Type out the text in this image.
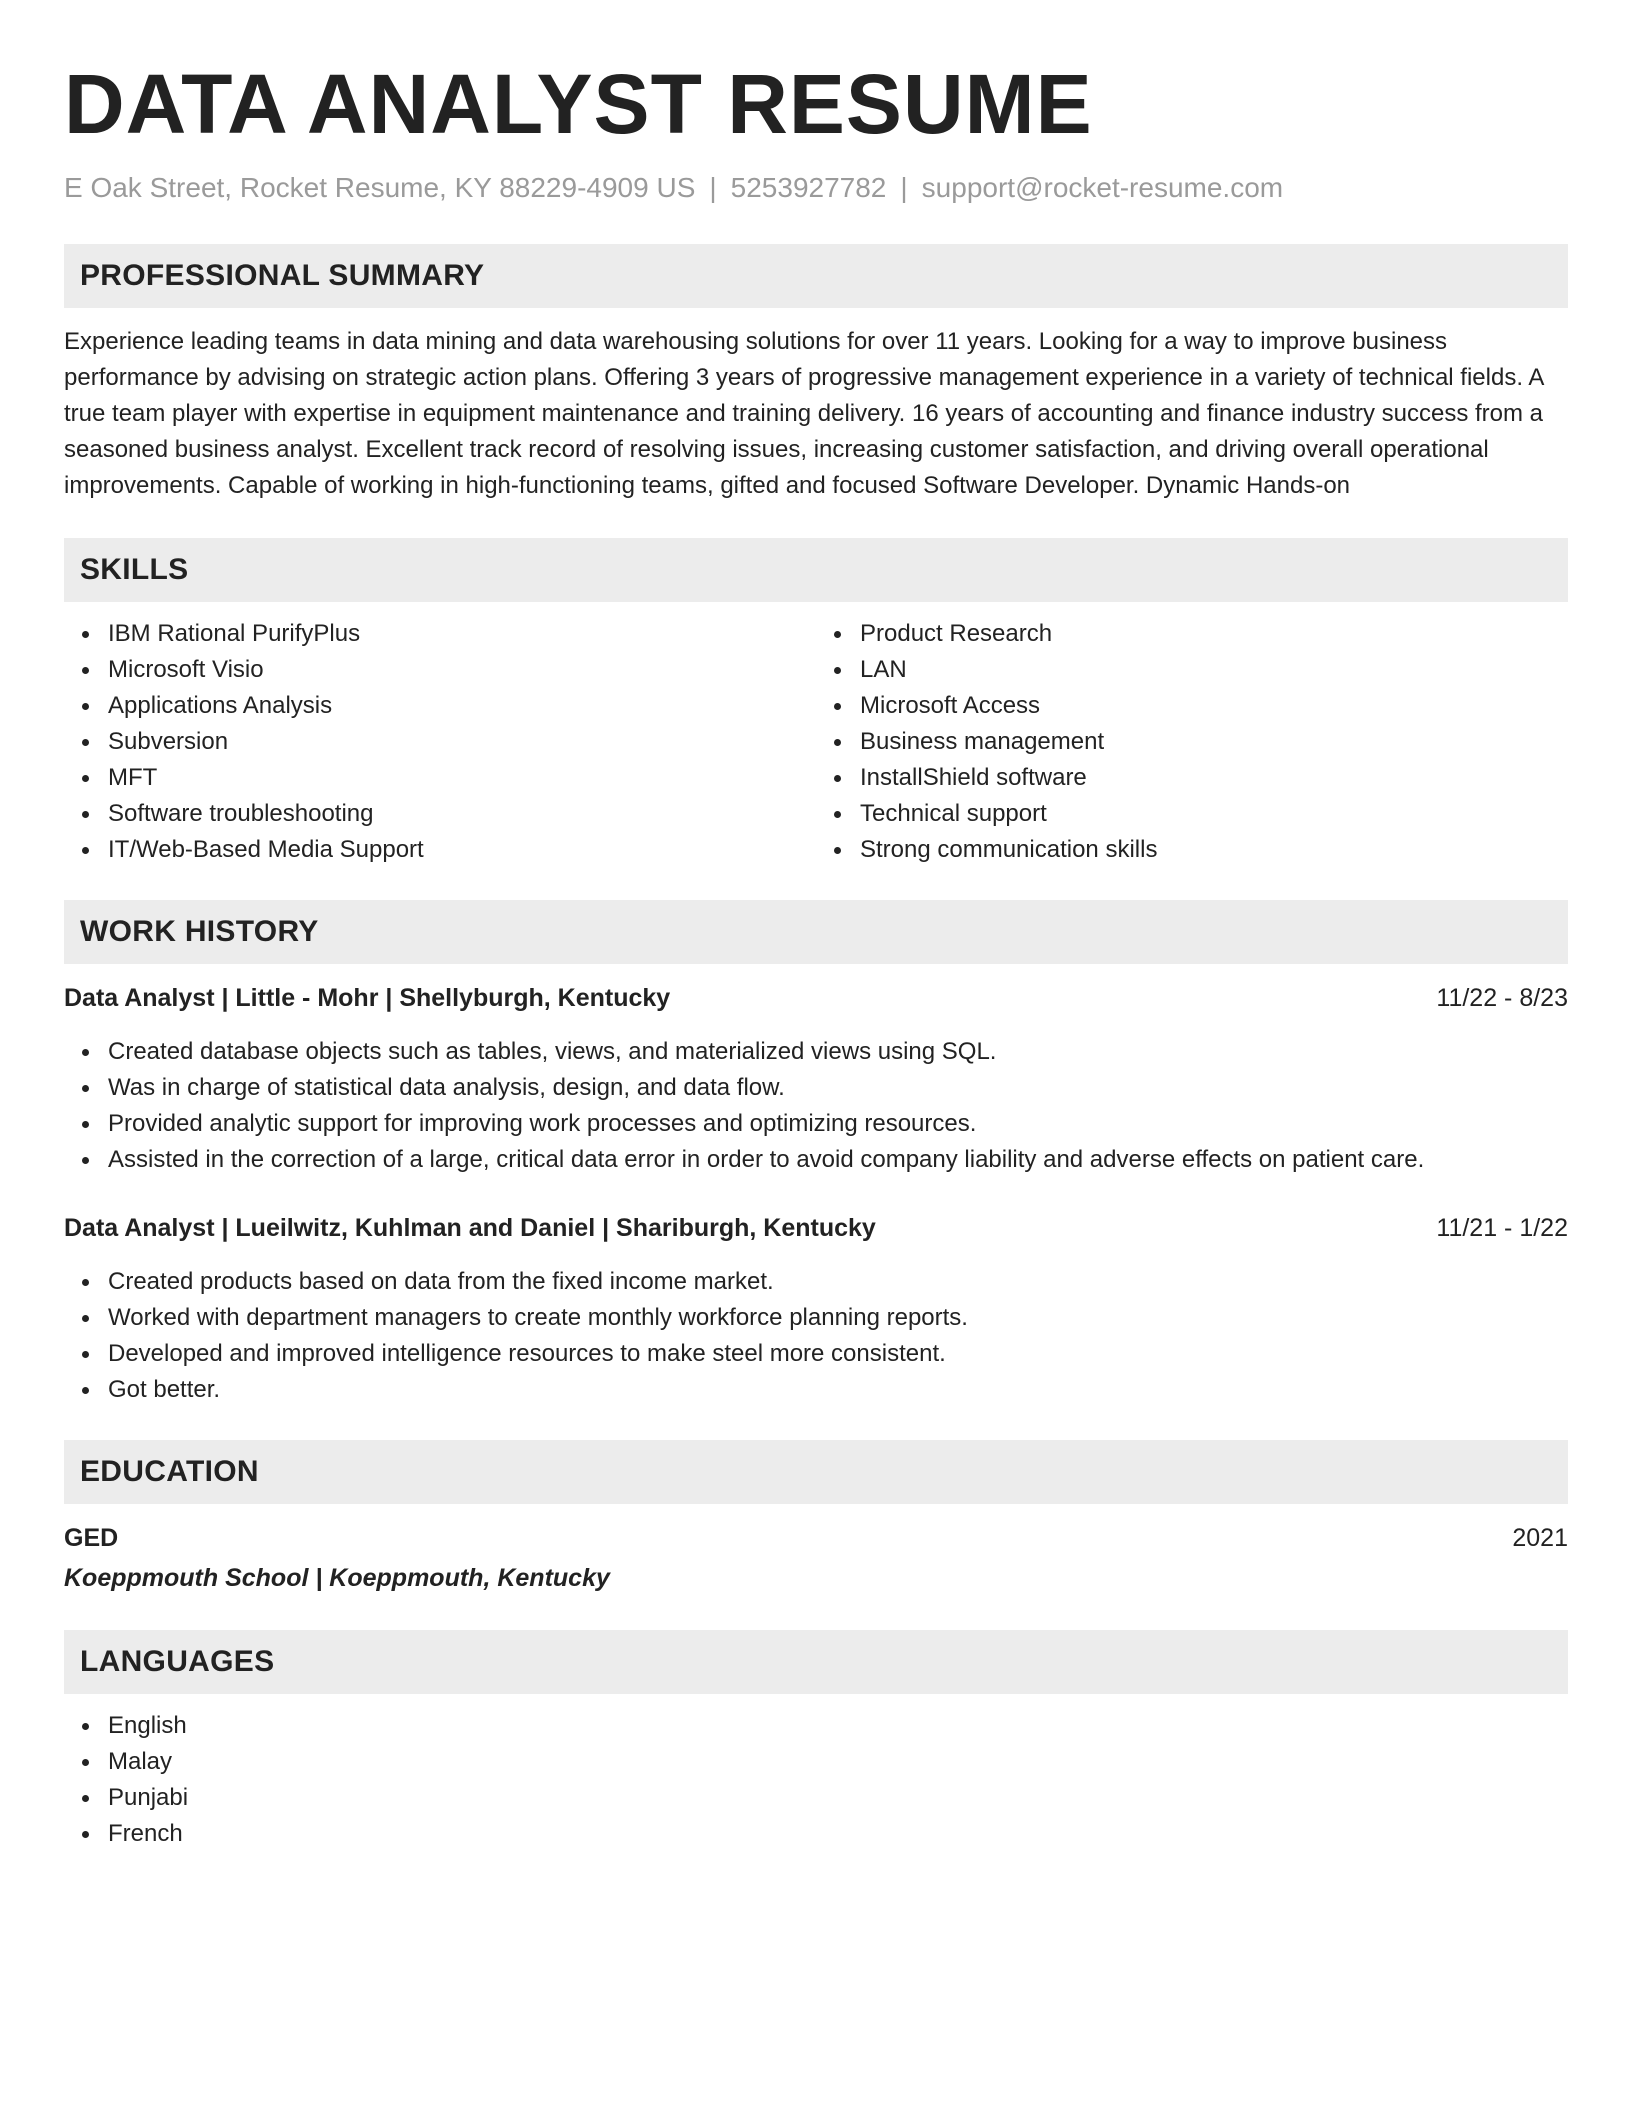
DATA ANALYST RESUME
E Oak Street, Rocket Resume, KY 88229-4909 US | 5253927782 | support@rocket-resume.com
PROFESSIONAL SUMMARY

Experience leading teams in data mining and data warehousing solutions for over 11 years. Looking for a way to improve business performance by advising on strategic action plans. Offering 3 years of progressive management experience in a variety of technical fields. A true team player with expertise in equipment maintenance and training delivery. 16 years of accounting and finance industry success from a seasoned business analyst. Excellent track record of resolving issues, increasing customer satisfaction, and driving overall operational improvements. Capable of working in high-functioning teams, gifted and focused Software Developer. Dynamic Hands-on

SKILLS
IBM Rational PurifyPlus
Microsoft Visio
Applications Analysis
Subversion
MFT
Software troubleshooting
IT/Web-Based Media Support
Product Research
LAN
Microsoft Access
Business management
InstallShield software
Technical support
Strong communication skills
WORK HISTORY
Data Analyst | Little - Mohr | Shellyburgh, Kentucky	11/22 - 8/23
Created database objects such as tables, views, and materialized views using SQL.
Was in charge of statistical data analysis, design, and data flow.
Provided analytic support for improving work processes and optimizing resources.
Assisted in the correction of a large, critical data error in order to avoid company liability and adverse effects on patient care.
Data Analyst | Lueilwitz, Kuhlman and Daniel | Shariburgh, Kentucky	11/21 - 1/22
Created products based on data from the fixed income market.
Worked with department managers to create monthly workforce planning reports.
Developed and improved intelligence resources to make steel more consistent.
Got better.
EDUCATION
GED	2021
Koeppmouth School | Koeppmouth, Kentucky
LANGUAGES
English
Malay
Punjabi
French
